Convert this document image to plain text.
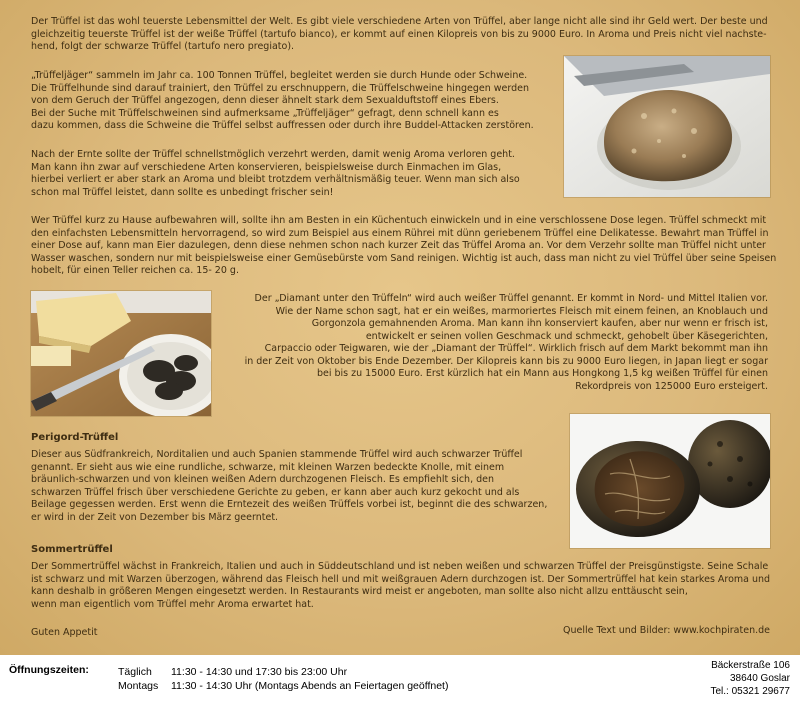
Der Trüffel ist das wohl teuerste Lebensmittel der Welt. Es gibt viele verschiedene Arten von Trüffel, aber lange nicht alle sind ihr Geld wert. Der beste und
gleichzeitig teuerste Trüffel ist der weiße Trüffel (tartufo bianco), er kommt auf einen Kilopreis von bis zu 9000 Euro. In Aroma und Preis nicht viel nachste-
hend, folgt der schwarze Trüffel (tartufo nero pregiato).
„Trüffeljäger“ sammeln im Jahr ca. 100 Tonnen Trüffel, begleitet werden sie durch Hunde oder Schweine.
Die Trüffelhunde sind darauf trainiert, den Trüffel zu erschnuppern, die Trüffelschweine hingegen werden
von dem Geruch der Trüffel angezogen, denn dieser ähnelt stark dem Sexualduftstoff eines Ebers.
Bei der Suche mit Trüffelschweinen sind aufmerksame „Trüffeljäger“ gefragt, denn schnell kann es
dazu kommen, dass die Schweine die Trüffel selbst auffressen oder durch ihre Buddel-Attacken zerstören.
Nach der Ernte sollte der Trüffel schnellstmöglich verzehrt werden, damit wenig Aroma verloren geht.
Man kann ihn zwar auf verschiedene Arten konservieren, beispielsweise durch Einmachen im Glas,
hierbei verliert er aber stark an Aroma und bleibt trotzdem verhältnismäßig teuer. Wenn man sich also
schon mal Trüffel leistet, dann sollte es unbedingt frischer sein!
Wer Trüffel kurz zu Hause aufbewahren will, sollte ihn am Besten in ein Küchentuch einwickeln und in eine verschlossene Dose legen. Trüffel schmeckt mit
den einfachsten Lebensmitteln hervorragend, so wird zum Beispiel aus einem Rührei mit dünn geriebenem Trüffel eine Delikatesse. Bewahrt man Trüffel in
einer Dose auf, kann man Eier dazulegen, denn diese nehmen schon nach kurzer Zeit das Trüffel Aroma an. Vor dem Verzehr sollte man Trüffel nicht unter
Wasser waschen, sondern nur mit beispielsweise einer Gemüsebürste vom Sand reinigen. Wichtig ist auch, dass man nicht zu viel Trüffel über seine Speisen
hobelt, für einen Teller reichen ca. 15- 20 g.
Der „Diamant unter den Trüffeln“ wird auch weißer Trüffel genannt. Er kommt in Nord- und Mittel Italien vor.
Wie der Name schon sagt, hat er ein weißes, marmoriertes Fleisch mit einem feinen, an Knoblauch und
Gorgonzola gemahnenden Aroma. Man kann ihn konserviert kaufen, aber nur wenn er frisch ist,
entwickelt er seinen vollen Geschmack und schmeckt, gehobelt über Käsegerichten,
Carpaccio oder Teigwaren, wie der „Diamant der Trüffel“. Wirklich frisch auf dem Markt bekommt man ihn
in der Zeit von Oktober bis Ende Dezember. Der Kilopreis kann bis zu 9000 Euro liegen, in Japan liegt er sogar
bei bis zu 15000 Euro. Erst kürzlich hat ein Mann aus Hongkong 1,5 kg weißen Trüffel für einen
Rekordpreis von 125000 Euro ersteigert.
Perigord-Trüffel
Dieser aus Südfrankreich, Norditalien und auch Spanien stammende Trüffel wird auch schwarzer Trüffel
genannt. Er sieht aus wie eine rundliche, schwarze, mit kleinen Warzen bedeckte Knolle, mit einem
bräunlich-schwarzen und von kleinen weißen Adern durchzogenen Fleisch. Es empfiehlt sich, den
schwarzen Trüffel frisch über verschiedene Gerichte zu geben, er kann aber auch kurz gekocht und als
Beilage gegessen werden. Erst wenn die Erntezeit des weißen Trüffels vorbei ist, beginnt die des schwarzen,
er wird in der Zeit von Dezember bis März geerntet.
Sommertrüffel
Der Sommertrüffel wächst in Frankreich, Italien und auch in Süddeutschland und ist neben weißen und schwarzen Trüffel der Preisgünstigste. Seine Schale
ist schwarz und mit Warzen überzogen, während das Fleisch hell und mit weißgrauen Adern durchzogen ist. Der Sommertrüffel hat kein starkes Aroma und
kann deshalb in größeren Mengen eingesetzt werden. In Restaurants wird meist er angeboten, man sollte also nicht allzu enttäuscht sein,
wenn man eigentlich vom Trüffel mehr Aroma erwartet hat.
Guten Appetit	Quelle Text und Bilder: www.kochpiraten.de
Öffnungszeiten:	Täglich 11:30 - 14:30 und 17:30 bis 23:00 Uhr
Montags 11:30 - 14:30 Uhr (Montags Abends an Feiertagen geöffnet)
Bäckerstraße 106
38640 Goslar
Tel.: 05321 29677
